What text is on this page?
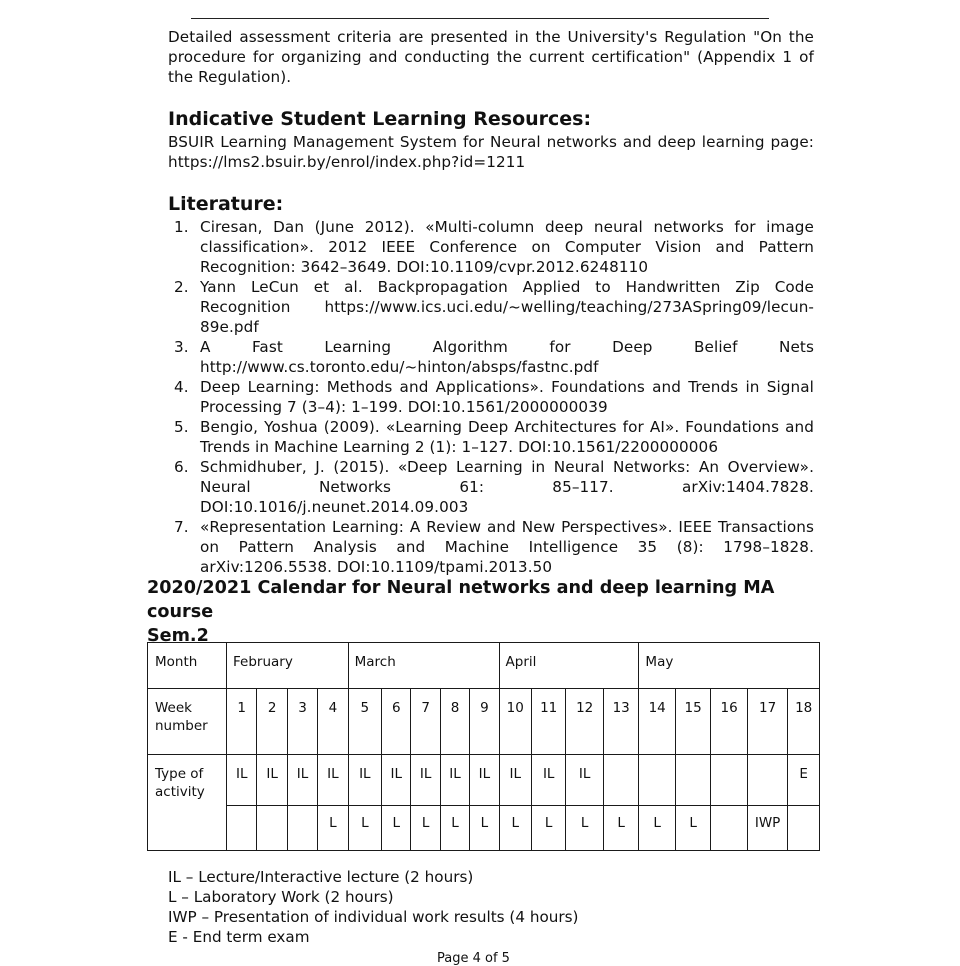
Detailed assessment criteria are presented in the University's Regulation "On the procedure for organizing and conducting the current certification" (Appendix 1 of the Regulation).
Indicative Student Learning Resources:
BSUIR Learning Management System for Neural networks and deep learning page: https://lms2.bsuir.by/enrol/index.php?id=1211
Literature:
1. Ciresan, Dan (June 2012). «Multi-column deep neural networks for image classification». 2012 IEEE Conference on Computer Vision and Pattern Recognition: 3642–3649. DOI:10.1109/cvpr.2012.6248110
2. Yann LeCun et al. Backpropagation Applied to Handwritten Zip Code Recognition https://www.ics.uci.edu/~welling/teaching/273ASpring09/lecun-89e.pdf
3. A Fast Learning Algorithm for Deep Belief Nets http://www.cs.toronto.edu/~hinton/absps/fastnc.pdf
4. Deep Learning: Methods and Applications». Foundations and Trends in Signal Processing 7 (3–4): 1–199. DOI:10.1561/2000000039
5. Bengio, Yoshua (2009). «Learning Deep Architectures for AI». Foundations and Trends in Machine Learning 2 (1): 1–127. DOI:10.1561/2200000006
6. Schmidhuber, J. (2015). «Deep Learning in Neural Networks: An Overview». Neural Networks 61: 85–117. arXiv:1404.7828. DOI:10.1016/j.neunet.2014.09.003
7. «Representation Learning: A Review and New Perspectives». IEEE Transactions on Pattern Analysis and Machine Intelligence 35 (8): 1798–1828. arXiv:1206.5538. DOI:10.1109/tpami.2013.50
2020/2021 Calendar for Neural networks and deep learning MA course
Sem.2
Month	February				March					April				May				

Week
number	1	2	3	4	5	6	7	8	9	10	11	12	13	14	15	16	17	18

Type of
activity	IL	IL	IL	IL	IL	IL	IL	IL	IL	IL	IL	IL						E
				L	L	L	L	L	L	L	L	L	L	L	L		IWP	
IL – Lecture/Interactive lecture (2 hours)
L – Laboratory Work (2 hours)
IWP – Presentation of individual work results (4 hours)
E - End term exam
Page 4 of 5
